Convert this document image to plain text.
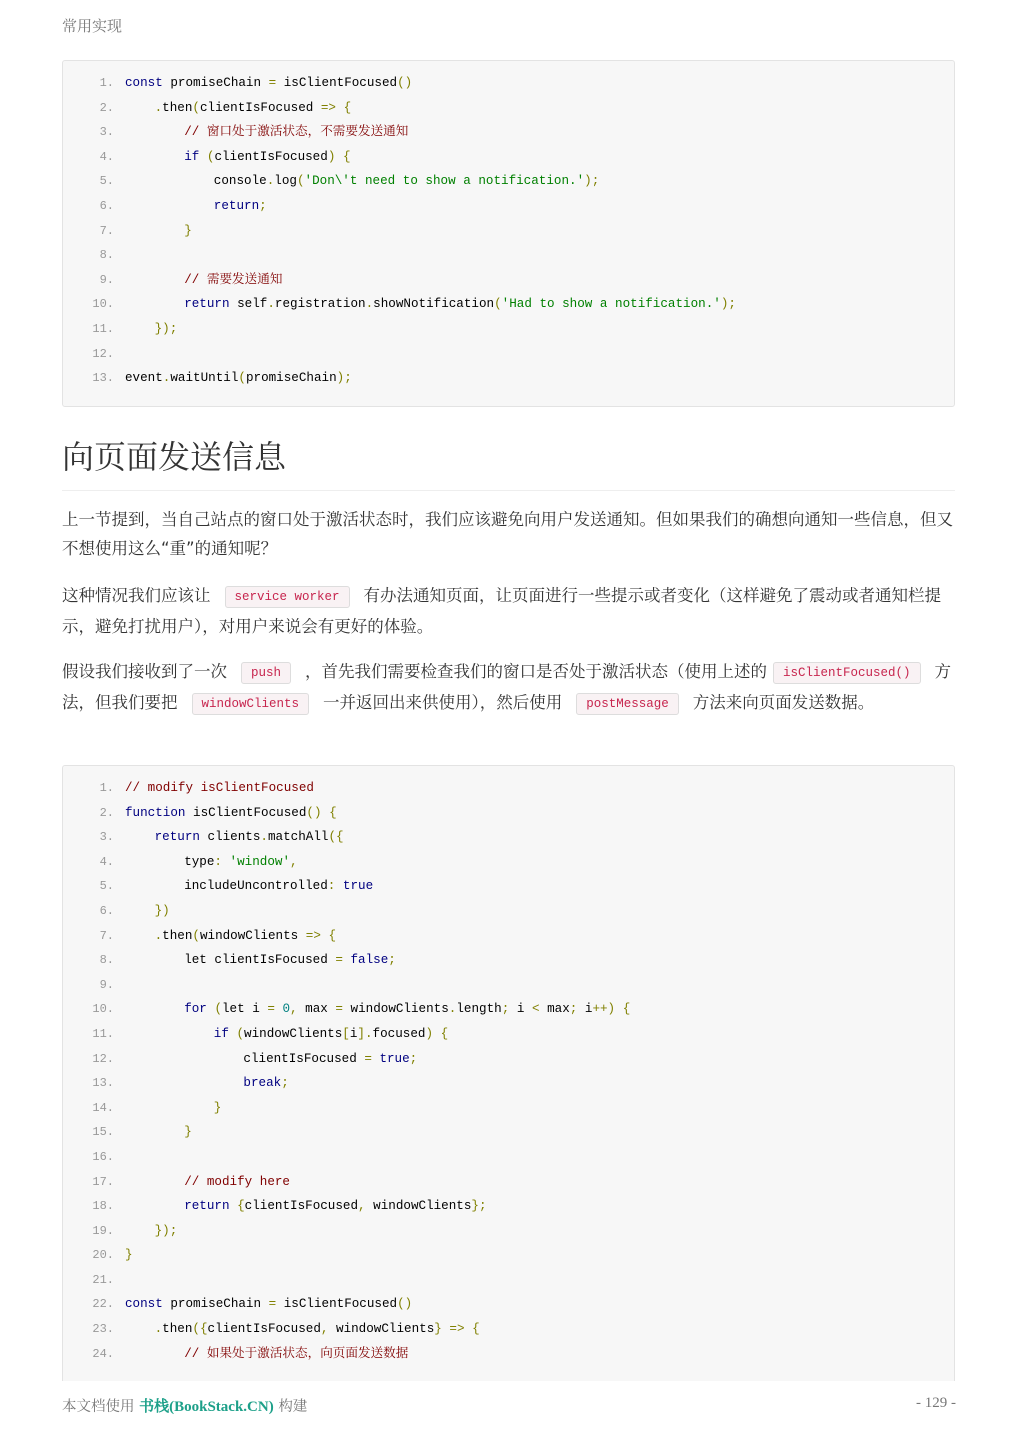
常用实现
1. const promiseChain = isClientFocused()
2.	.then(clientIsFocused => {
3.	// 窗口处于激活状态，不需要发送通知
4.	if (clientIsFocused) {
5.	console.log('Don\'t need to show a notification.');
6.	return;
7.	}
8.
9.	// 需要发送通知
10.	return self.registration.showNotification('Had to show a notification.');
11.	});
12.
13. event.waitUntil(promiseChain);
向页面发送信息

上一节提到，当自己站点的窗口处于激活状态时，我们应该避免向用户发送通知。但如果我们的确想向通知一些信息，但又不想使用这么“重”的通知呢？

这种情况我们应该让 service worker 有办法通知页面，让页面进行一些提示或者变化（这样避免了震动或者通知栏提示，避免打扰用户），对用户来说会有更好的体验。

假设我们接收到了一次 push ，首先我们需要检查我们的窗口是否处于激活状态（使用上述的 isClientFocused() 方法，但我们要把 windowClients 一并返回出来供使用），然后使用 postMessage 方法来向页面发送数据。

1. // modify isClientFocused
2. function isClientFocused() {
3.	return clients.matchAll({
4.	type: 'window',
5.	includeUncontrolled: true
6.	})
7.	.then(windowClients => {
8.	let clientIsFocused = false;
9.
10.	for (let i = 0, max = windowClients.length; i < max; i++) {
11.	if (windowClients[i].focused) {
12.	clientIsFocused = true;
13.	break;
14.	}
15.	}
16.
17.	// modify here
18.	return {clientIsFocused, windowClients};
19.	});
20. }
21.
22. const promiseChain = isClientFocused()
23.	.then({clientIsFocused, windowClients} => {
24.	// 如果处于激活状态，向页面发送数据
本文档使用 书栈(BookStack.CN) 构建	- 129 -
